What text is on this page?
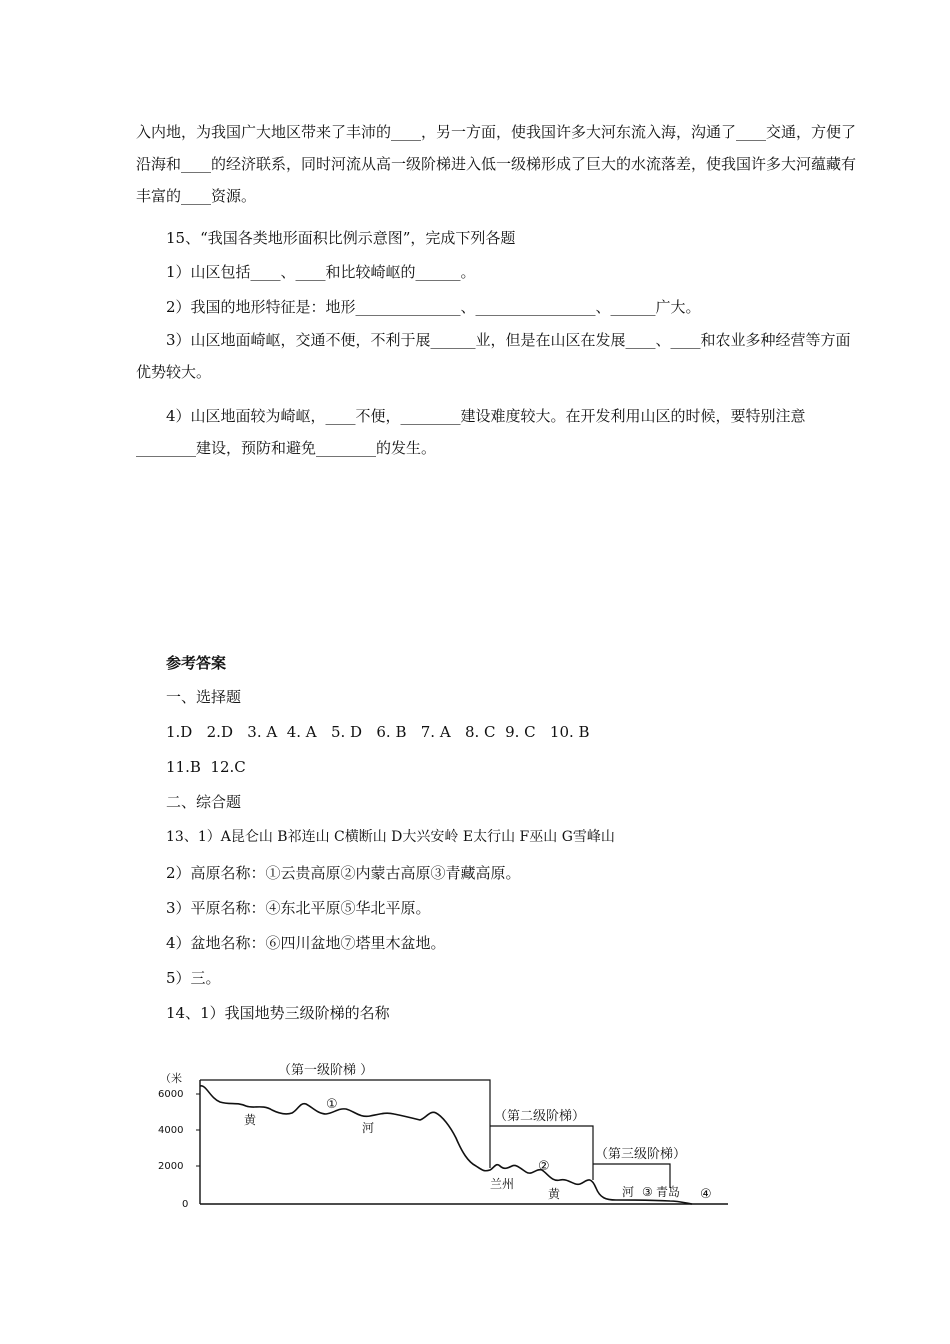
入内地，为我国广大地区带来了丰沛的____，另一方面，使我国许多大河东流入海，沟通了____交通，方便了沿海和____的经济联系，同时河流从高一级阶梯进入低一级梯形成了巨大的水流落差，使我国许多大河蕴藏有丰富的____资源。

15、“我国各类地形面积比例示意图”，完成下列各题

1）山区包括____、____和比较崎岖的______。

2）我国的地形特征是：地形______________、________________、______广大。

3）山区地面崎岖，交通不便，不利于展______业，但是在山区在发展____、____和农业多种经营等方面优势较大。

4）山区地面较为崎岖，____不便，________建设难度较大。在开发利用山区的时候，要特别注意________建设，预防和避免________的发生。

参考答案

一、选择题

1.D   2.D   3. A  4. A   5. D   6. B   7. A   8. C  9. C   10. B

11.B  12.C

二、综合题

13、1）A昆仑山 B祁连山 C横断山 D大兴安岭 E太行山 F巫山 G雪峰山

2）高原名称：①云贵高原②内蒙古高原③青藏高原。

3）平原名称：④东北平原⑤华北平原。

4）盆地名称：⑥四川盆地⑦塔里木盆地。

5）三。

14、1）我国地势三级阶梯的名称

（米
6000
4000
2000
0
（第一级阶梯 ）
（第二级阶梯）
（第三级阶梯）
①
黄
河
②
兰州
黄	河 ③ 青岛 ④
